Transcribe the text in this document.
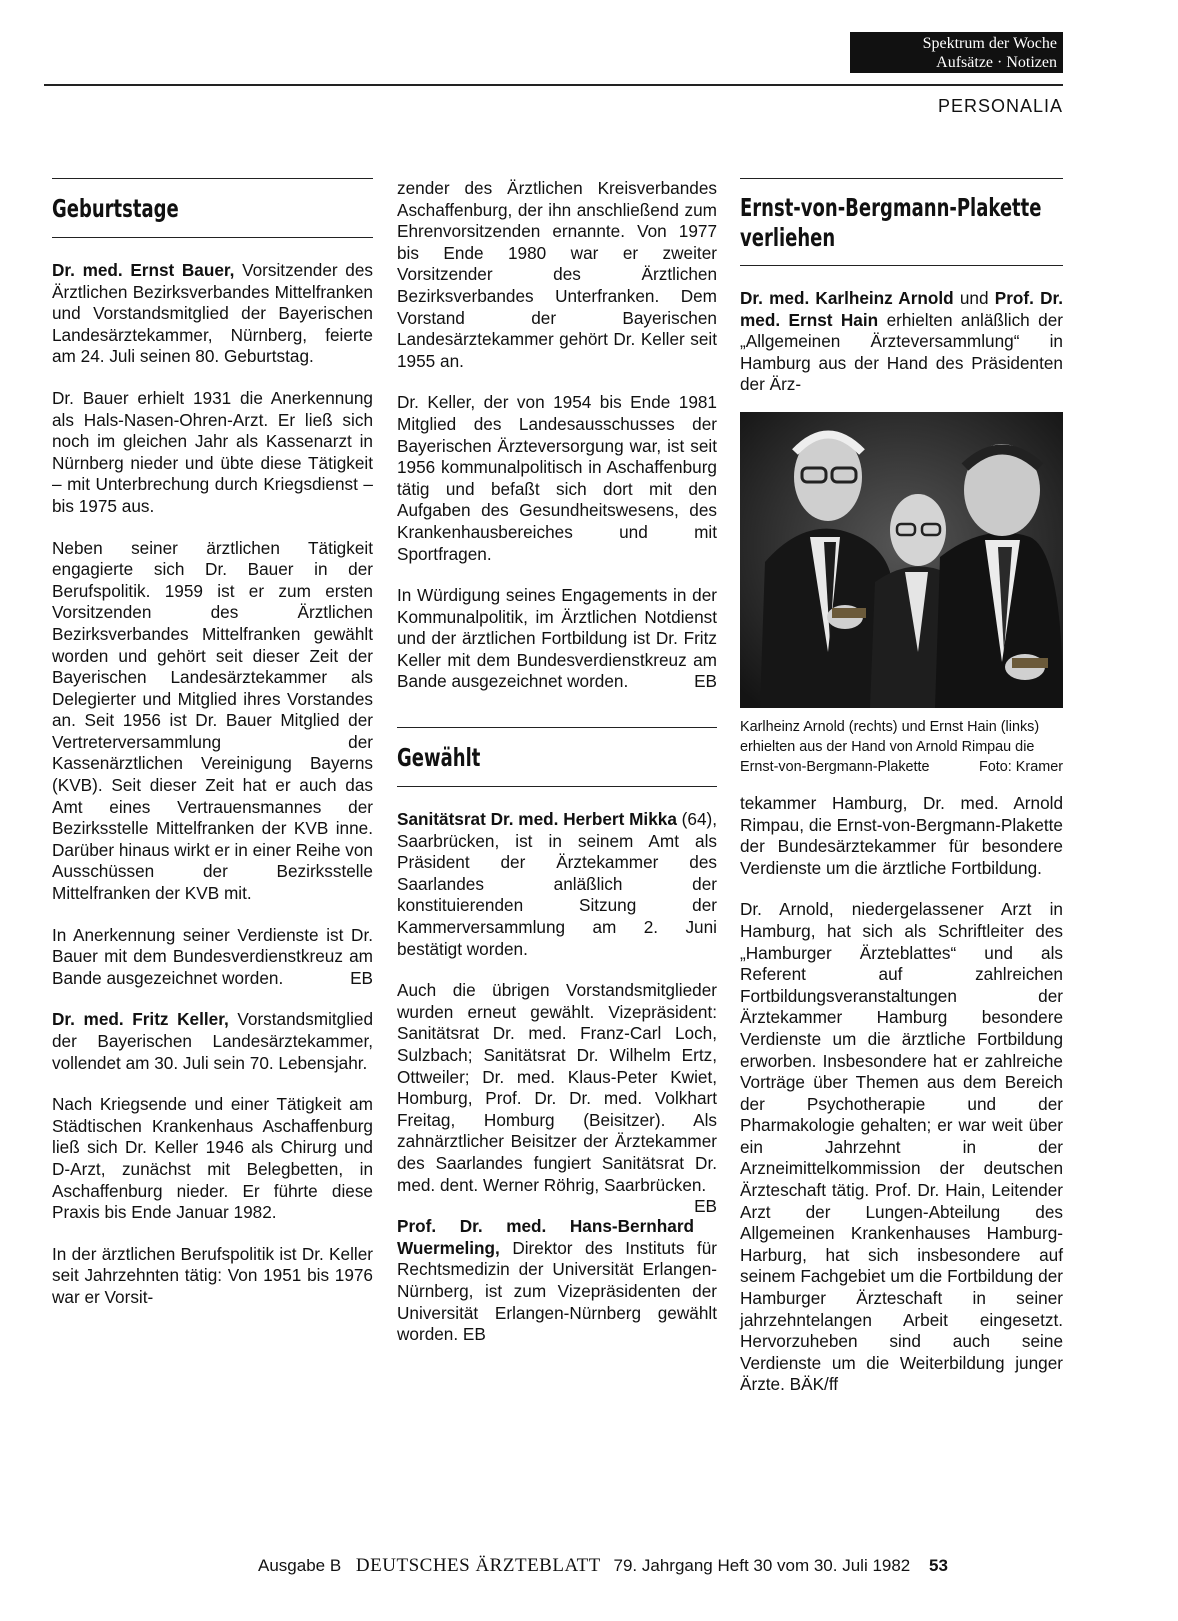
Spektrum der Woche
Aufsätze · Notizen
PERSONALIA
Geburtstage

Dr. med. Ernst Bauer, Vorsitzender des Ärztlichen Bezirksverbandes Mittelfranken und Vorstandsmitglied der Bayerischen Landesärztekammer, Nürnberg, feierte am 24. Juli seinen 80. Geburtstag.

Dr. Bauer erhielt 1931 die Anerkennung als Hals-Nasen-Ohren-Arzt. Er ließ sich noch im gleichen Jahr als Kassenarzt in Nürnberg nieder und übte diese Tätigkeit – mit Unterbrechung durch Kriegsdienst – bis 1975 aus.

Neben seiner ärztlichen Tätigkeit engagierte sich Dr. Bauer in der Berufspolitik. 1959 ist er zum ersten Vorsitzenden des Ärztlichen Bezirksverbandes Mittelfranken gewählt worden und gehört seit dieser Zeit der Bayerischen Landesärztekammer als Delegierter und Mitglied ihres Vorstandes an. Seit 1956 ist Dr. Bauer Mitglied der Vertreterversammlung der Kassenärztlichen Vereinigung Bayerns (KVB). Seit dieser Zeit hat er auch das Amt eines Vertrauensmannes der Bezirksstelle Mittelfranken der KVB inne. Darüber hinaus wirkt er in einer Reihe von Ausschüssen der Bezirksstelle Mittelfranken der KVB mit.

In Anerkennung seiner Verdienste ist Dr. Bauer mit dem Bundesverdienstkreuz am Bande ausgezeichnet worden.	EB

Dr. med. Fritz Keller, Vorstandsmitglied der Bayerischen Landesärztekammer, vollendet am 30. Juli sein 70. Lebensjahr.

Nach Kriegsende und einer Tätigkeit am Städtischen Krankenhaus Aschaffenburg ließ sich Dr. Keller 1946 als Chirurg und D-Arzt, zunächst mit Belegbetten, in Aschaffenburg nieder. Er führte diese Praxis bis Ende Januar 1982.

In der ärztlichen Berufspolitik ist Dr. Keller seit Jahrzehnten tätig: Von 1951 bis 1976 war er Vorsit-

zender des Ärztlichen Kreisverbandes Aschaffenburg, der ihn anschließend zum Ehrenvorsitzenden ernannte. Von 1977 bis Ende 1980 war er zweiter Vorsitzender des Ärztlichen Bezirksverbandes Unterfranken. Dem Vorstand der Bayerischen Landesärztekammer gehört Dr. Keller seit 1955 an.

Dr. Keller, der von 1954 bis Ende 1981 Mitglied des Landesausschusses der Bayerischen Ärzteversorgung war, ist seit 1956 kommunalpolitisch in Aschaffenburg tätig und befaßt sich dort mit den Aufgaben des Gesundheitswesens, des Krankenhausbereiches und mit Sportfragen.

In Würdigung seines Engagements in der Kommunalpolitik, im Ärztlichen Notdienst und der ärztlichen Fortbildung ist Dr. Fritz Keller mit dem Bundesverdienstkreuz am Bande ausgezeichnet worden.	EB

Gewählt

Sanitätsrat Dr. med. Herbert Mikka (64), Saarbrücken, ist in seinem Amt als Präsident der Ärztekammer des Saarlandes anläßlich der konstituierenden Sitzung der Kammerversammlung am 2. Juni bestätigt worden.

Auch die übrigen Vorstandsmitglieder wurden erneut gewählt. Vizepräsident: Sanitätsrat Dr. med. Franz-Carl Loch, Sulzbach; Sanitätsrat Dr. Wilhelm Ertz, Ottweiler; Dr. med. Klaus-Peter Kwiet, Homburg, Prof. Dr. Dr. med. Volkhart Freitag, Homburg (Beisitzer). Als zahnärztlicher Beisitzer der Ärztekammer des Saarlandes fungiert Sanitätsrat Dr. med. dent. Werner Röhrig, Saarbrücken.
EB

Prof. Dr. med. Hans-Bernhard Wuermeling, Direktor des Instituts für Rechtsmedizin der Universität Erlangen-Nürnberg, ist zum Vizepräsidenten der Universität Erlangen-Nürnberg gewählt worden. EB

Ernst-von-Bergmann-Plakette verliehen

Dr. med. Karlheinz Arnold und Prof. Dr. med. Ernst Hain erhielten anläßlich der „Allgemeinen Ärzteversammlung“ in Hamburg aus der Hand des Präsidenten der Ärz-

Karlheinz Arnold (rechts) und Ernst Hain (links) erhielten aus der Hand von Arnold Rimpau die Ernst-von-Bergmann-Plakette	Foto: Kramer

tekammer Hamburg, Dr. med. Arnold Rimpau, die Ernst-von-Bergmann-Plakette der Bundesärztekammer für besondere Verdienste um die ärztliche Fortbildung.

Dr. Arnold, niedergelassener Arzt in Hamburg, hat sich als Schriftleiter des „Hamburger Ärzteblattes“ und als Referent auf zahlreichen Fortbildungsveranstaltungen der Ärztekammer Hamburg besondere Verdienste um die ärztliche Fortbildung erworben. Insbesondere hat er zahlreiche Vorträge über Themen aus dem Bereich der Psychotherapie und der Pharmakologie gehalten; er war weit über ein Jahrzehnt in der Arzneimittelkommission der deutschen Ärzteschaft tätig. Prof. Dr. Hain, Leitender Arzt der Lungen-Abteilung des Allgemeinen Krankenhauses Hamburg-Harburg, hat sich insbesondere auf seinem Fachgebiet um die Fortbildung der Hamburger Ärzteschaft in seiner jahrzehntelangen Arbeit eingesetzt. Hervorzuheben sind auch seine Verdienste um die Weiterbildung junger Ärzte. BÄK/ff

Ausgabe B DEUTSCHES ÄRZTEBLATT 79. Jahrgang Heft 30 vom 30. Juli 1982 53
